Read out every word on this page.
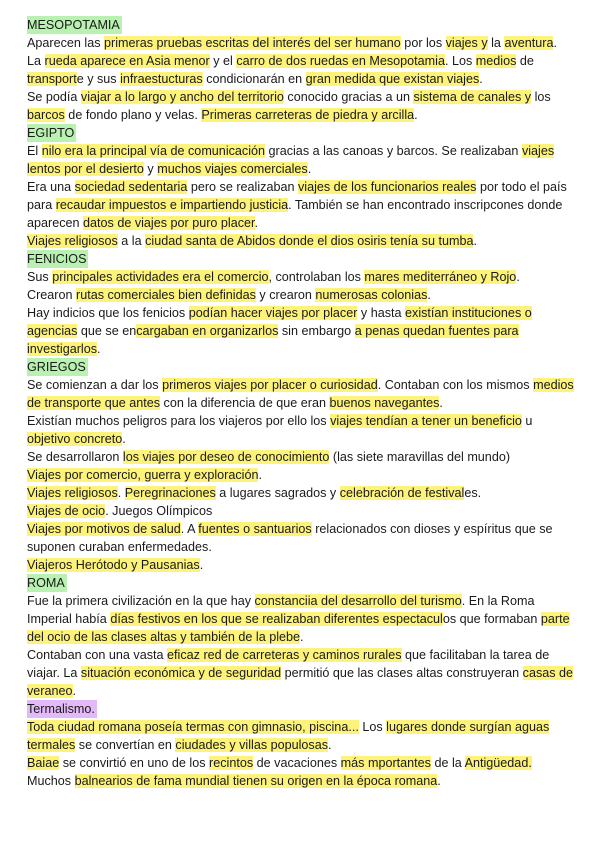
MESOPOTAMIA

Aparecen las primeras pruebas escritas del interés del ser humano por los viajes y la aventura.

La rueda aparece en Asia menor y el carro de dos ruedas en Mesopotamia. Los medios de transporte y sus infraestucturas condicionarán en gran medida que existan viajes.

Se podía viajar a lo largo y ancho del territorio conocido gracias a un sistema de canales y los barcos de fondo plano y velas. Primeras carreteras de piedra y arcilla.

EGIPTO

El nilo era la principal vía de comunicación gracias a las canoas y barcos. Se realizaban viajes lentos por el desierto y muchos viajes comerciales.

Era una sociedad sedentaria pero se realizaban viajes de los funcionarios reales por todo el país para recaudar impuestos e impartiendo justicia. También se han encontrado inscripcones donde aparecen datos de viajes por puro placer.

Viajes religiosos a la ciudad santa de Abidos donde el dios osiris tenía su tumba.

FENICIOS

Sus principales actividades era el comercio, controlaban los mares mediterráneo y Rojo.

Crearon rutas comerciales bien definidas y crearon numerosas colonias.

Hay indicios que los fenicios podían hacer viajes por placer y hasta existían instituciones o agencias que se encargaban en organizarlos sin embargo a penas quedan fuentes para investigarlos.

GRIEGOS

Se comienzan a dar los primeros viajes por placer o curiosidad. Contaban con los mismos medios de transporte que antes con la diferencia de que eran buenos navegantes.

Existían muchos peligros para los viajeros por ello los viajes tendían a tener un beneficio u objetivo concreto.

Se desarrollaron los viajes por deseo de conocimiento (las siete maravillas del mundo)

Viajes por comercio, guerra y exploración.

Viajes religiosos. Peregrinaciones a lugares sagrados y celebración de festivales.

Viajes de ocio. Juegos Olímpicos

Viajes por motivos de salud. A fuentes o santuarios relacionados con dioses y espíritus que se suponen curaban enfermedades.

Viajeros Herótodo y Pausanias.

ROMA

Fue la primera civilización en la que hay constanciia del desarrollo del turismo. En la Roma Imperial había días festivos en los que se realizaban diferentes espectaculos que formaban parte del ocio de las clases altas y también de la plebe.

Contaban con una vasta eficaz red de carreteras y caminos rurales que facilitaban la tarea de viajar. La situación económica y de seguridad permitió que las clases altas construyeran casas de veraneo.

Termalismo.

Toda ciudad romana poseía termas con gimnasio, piscina... Los lugares donde surgían aguas termales se convertían en ciudades y villas populosas.

Baiae se convirtió en uno de los recintos de vacaciones más mportantes de la Antigüedad.

Muchos balnearios de fama mundial tienen su origen en la época romana.
